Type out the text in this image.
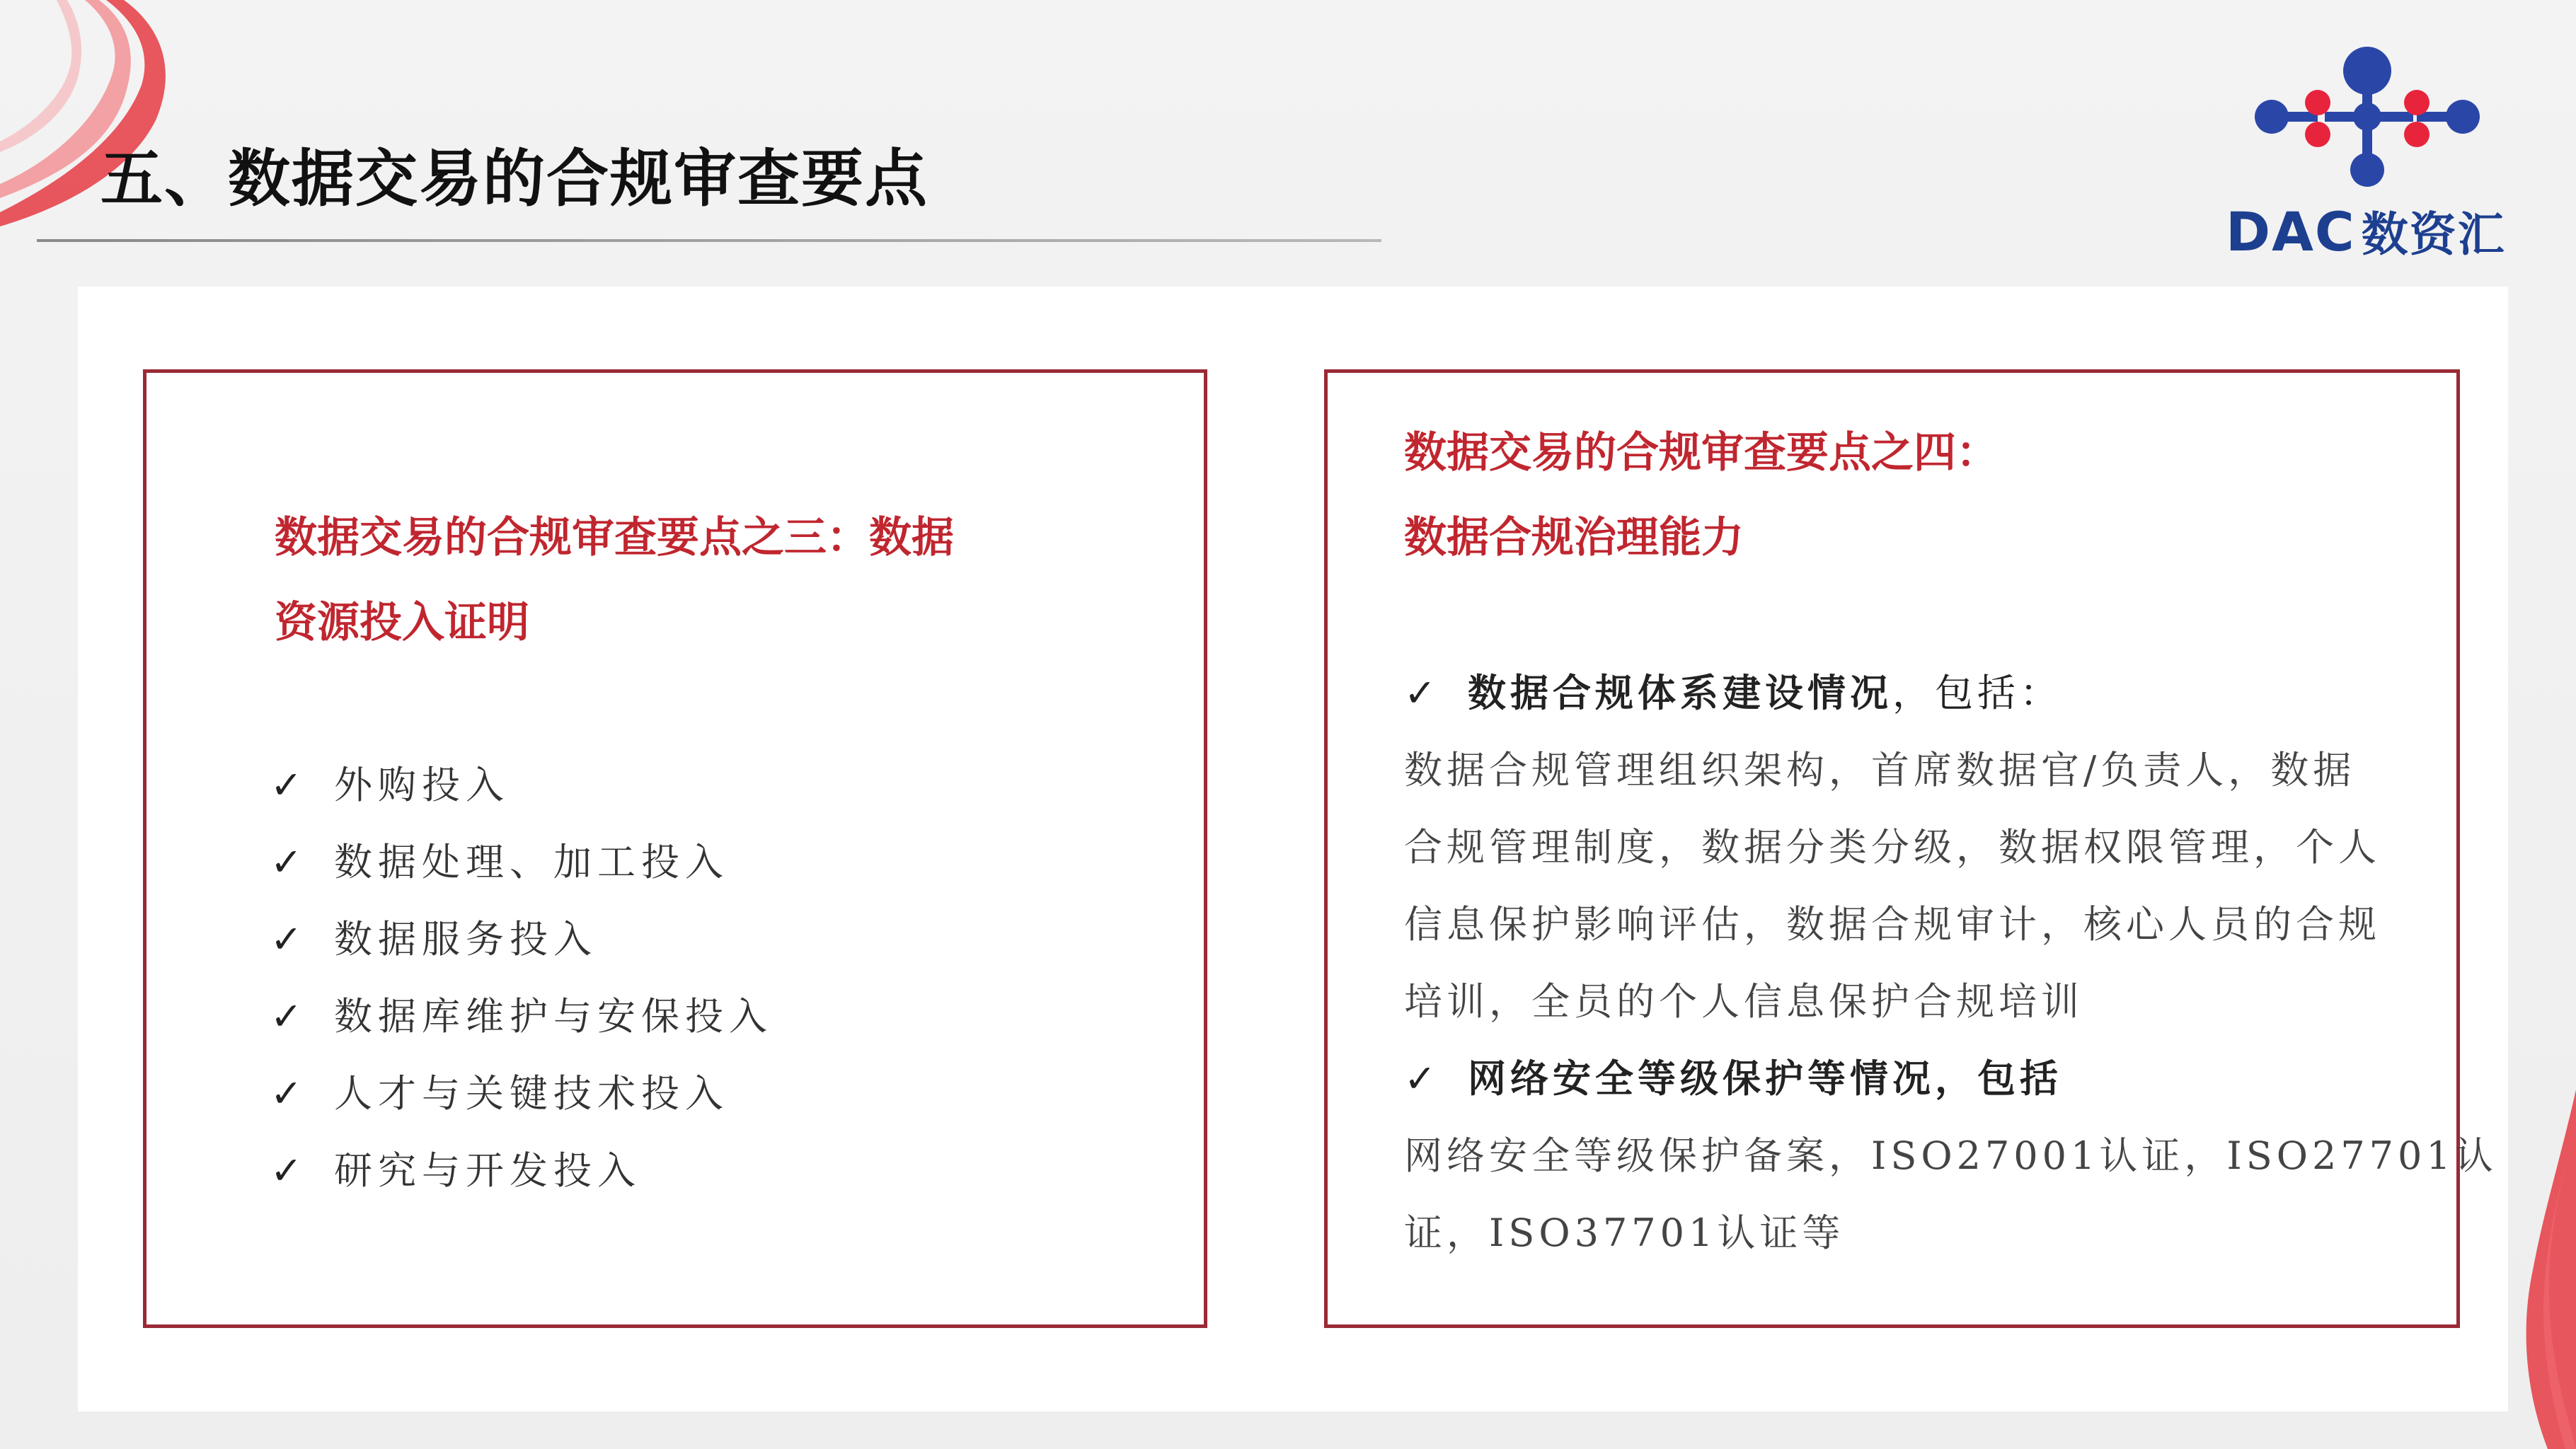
五、数据交易的合规审查要点
DAC 数资汇
数据交易的合规审查要点之三：数据
资源投入证明
✓ 外购投入
✓ 数据处理、加工投入
✓ 数据服务投入
✓ 数据库维护与安保投入
✓ 人才与关键技术投入
✓ 研究与开发投入
数据交易的合规审查要点之四：
数据合规治理能力
✓ 数据合规体系建设情况，包括：
数据合规管理组织架构，首席数据官/负责人，数据
合规管理制度，数据分类分级，数据权限管理，个人
信息保护影响评估，数据合规审计，核心人员的合规
培训，全员的个人信息保护合规培训
✓ 网络安全等级保护等情况，包括
网络安全等级保护备案，ISO27001认证，ISO27701认
证，ISO37701认证等
